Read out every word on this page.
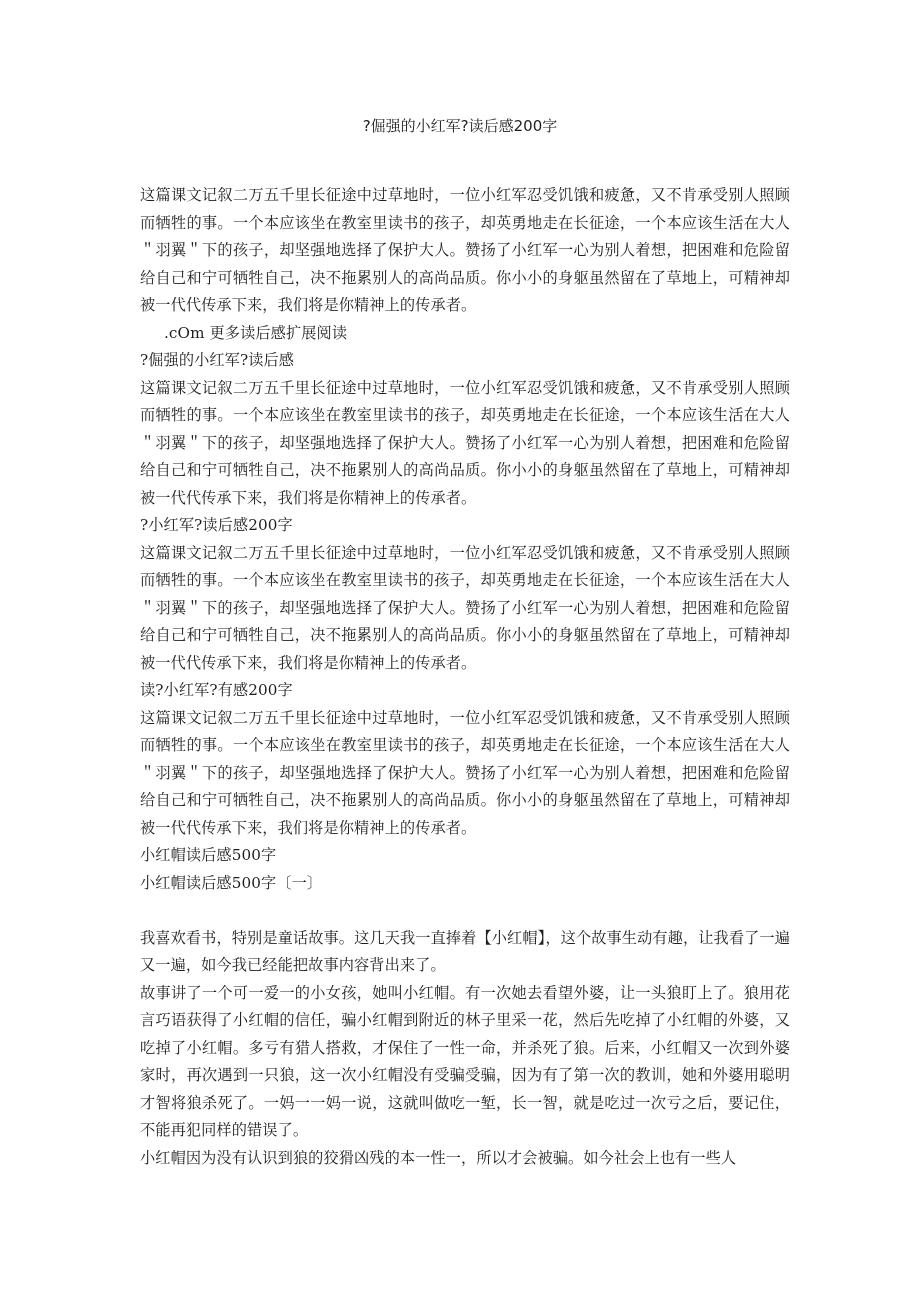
?倔强的小红军?读后感200字

这篇课文记叙二万五千里长征途中过草地时，一位小红军忍受饥饿和疲惫，又不肯承受别人照顾而牺牲的事。一个本应该坐在教室里读书的孩子，却英勇地走在长征途，一个本应该生活在大人＂羽翼＂下的孩子，却坚强地选择了保护大人。赞扬了小红军一心为别人着想，把困难和危险留给自己和宁可牺牲自己，决不拖累别人的高尚品质。你小小的身躯虽然留在了草地上，可精神却被一代代传承下来，我们将是你精神上的传承者。

.cOm 更多读后感扩展阅读

?倔强的小红军?读后感

这篇课文记叙二万五千里长征途中过草地时，一位小红军忍受饥饿和疲惫，又不肯承受别人照顾而牺牲的事。一个本应该坐在教室里读书的孩子，却英勇地走在长征途，一个本应该生活在大人＂羽翼＂下的孩子，却坚强地选择了保护大人。赞扬了小红军一心为别人着想，把困难和危险留给自己和宁可牺牲自己，决不拖累别人的高尚品质。你小小的身躯虽然留在了草地上，可精神却被一代代传承下来，我们将是你精神上的传承者。

?小红军?读后感200字

这篇课文记叙二万五千里长征途中过草地时，一位小红军忍受饥饿和疲惫，又不肯承受别人照顾而牺牲的事。一个本应该坐在教室里读书的孩子，却英勇地走在长征途，一个本应该生活在大人＂羽翼＂下的孩子，却坚强地选择了保护大人。赞扬了小红军一心为别人着想，把困难和危险留给自己和宁可牺牲自己，决不拖累别人的高尚品质。你小小的身躯虽然留在了草地上，可精神却被一代代传承下来，我们将是你精神上的传承者。

读?小红军?有感200字

这篇课文记叙二万五千里长征途中过草地时，一位小红军忍受饥饿和疲惫，又不肯承受别人照顾而牺牲的事。一个本应该坐在教室里读书的孩子，却英勇地走在长征途，一个本应该生活在大人＂羽翼＂下的孩子，却坚强地选择了保护大人。赞扬了小红军一心为别人着想，把困难和危险留给自己和宁可牺牲自己，决不拖累别人的高尚品质。你小小的身躯虽然留在了草地上，可精神却被一代代传承下来，我们将是你精神上的传承者。

小红帽读后感500字

小红帽读后感500字〔一〕

我喜欢看书，特别是童话故事。这几天我一直捧着【小红帽】，这个故事生动有趣，让我看了一遍又一遍，如今我已经能把故事内容背出来了。

故事讲了一个可一爱一的小女孩，她叫小红帽。有一次她去看望外婆，让一头狼盯上了。狼用花言巧语获得了小红帽的信任，骗小红帽到附近的林子里采一花，然后先吃掉了小红帽的外婆，又吃掉了小红帽。多亏有猎人搭救，才保住了一性一命，并杀死了狼。后来，小红帽又一次到外婆家时，再次遇到一只狼，这一次小红帽没有受骗受骗，因为有了第一次的教训，她和外婆用聪明才智将狼杀死了。一妈一一妈一说，这就叫做吃一堑，长一智，就是吃过一次亏之后，要记住，不能再犯同样的错误了。

小红帽因为没有认识到狼的狡猾凶残的本一性一，所以才会被骗。如今社会上也有一些人
